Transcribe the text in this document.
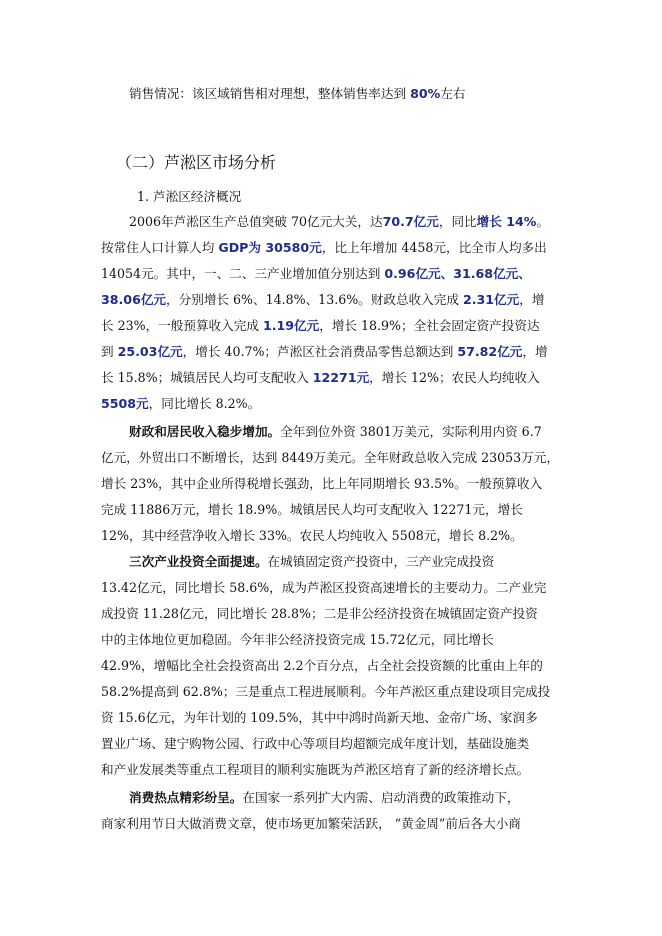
销售情况：该区域销售相对理想，整体销售率达到 80%左右
（二）芦淞区市场分析
1. 芦淞区经济概况
2006年芦淞区生产总值突破 70亿元大关，达70.7亿元，同比增长 14%。
按常住人口计算人均 GDP为 30580元，比上年增加 4458元，比全市人均多出
14054元。其中，一、二、三产业增加值分别达到 0.96亿元、31.68亿元、
38.06亿元，分别增长 6%、14.8%、13.6%。财政总收入完成 2.31亿元，增
长 23%，一般预算收入完成 1.19亿元，增长 18.9%；全社会固定资产投资达
到 25.03亿元，增长 40.7%；芦淞区社会消费品零售总额达到 57.82亿元，增
长 15.8%；城镇居民人均可支配收入 12271元，增长 12%；农民人均纯收入
5508元，同比增长 8.2%。
财政和居民收入稳步增加。全年到位外资 3801万美元，实际利用内资 6.7
亿元，外贸出口不断增长，达到 8449万美元。全年财政总收入完成 23053万元，
增长 23%，其中企业所得税增长强劲，比上年同期增长 93.5%。一般预算收入
完成 11886万元，增长 18.9%。城镇居民人均可支配收入 12271元，增长
12%，其中经营净收入增长 33%。农民人均纯收入 5508元，增长 8.2%。
三次产业投资全面提速。在城镇固定资产投资中，三产业完成投资
13.42亿元，同比增长 58.6%，成为芦淞区投资高速增长的主要动力。二产业完
成投资 11.28亿元，同比增长 28.8%；二是非公经济投资在城镇固定资产投资
中的主体地位更加稳固。今年非公经济投资完成 15.72亿元，同比增长
42.9%，增幅比全社会投资高出 2.2个百分点，占全社会投资额的比重由上年的
58.2%提高到 62.8%；三是重点工程进展顺利。今年芦淞区重点建设项目完成投
资 15.6亿元，为年计划的 109.5%，其中中鸿时尚新天地、金帝广场、家润多
置业广场、建宁购物公园、行政中心等项目均超额完成年度计划，基础设施类
和产业发展类等重点工程项目的顺利实施既为芦淞区培育了新的经济增长点。
消费热点精彩纷呈。在国家一系列扩大内需、启动消费的政策推动下，
商家利用节日大做消费文章，使市场更加繁荣活跃， “黄金周”前后各大小商
